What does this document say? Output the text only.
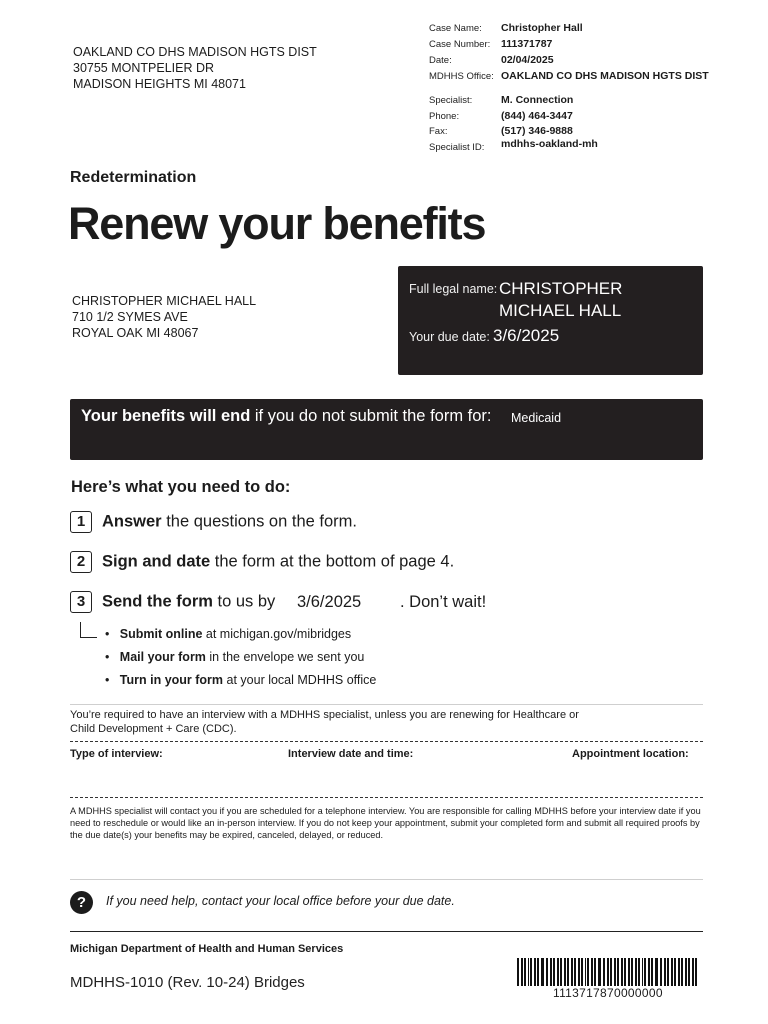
OAKLAND CO DHS MADISON HGTS DIST
30755 MONTPELIER DR
MADISON HEIGHTS MI 48071
Case Name: Christopher Hall
Case Number: 111371787
Date:	02/04/2025
MDHHS Office: OAKLAND CO DHS MADISON HGTS DIST
Specialist:	M. Connection
Phone:	(844) 464-3447
Fax:	(517) 346-9888
Specialist ID: mdhhs-oakland-mh
Redetermination
Renew your benefits
CHRISTOPHER MICHAEL HALL
710 1/2 SYMES AVE
ROYAL OAK MI 48067
Full legal name: CHRISTOPHER
MICHAEL HALL
Your due date: 3/6/2025
Your benefits will end if you do not submit the form for: Medicaid
Here’s what you need to do:
1 Answer the questions on the form.
2 Sign and date the form at the bottom of page 4.
3 Send the form to us by 3/6/2025 . Don’t wait!
•   Submit online at michigan.gov/mibridges
•   Mail your form in the envelope we sent you
•   Turn in your form at your local MDHHS office
You’re required to have an interview with a MDHHS specialist, unless you are renewing for Healthcare or
Child Development + Care (CDC).
Type of interview:	Interview date and time:	Appointment location:
A MDHHS specialist will contact you if you are scheduled for a telephone interview. You are responsible for calling MDHHS before your interview date if you need to reschedule or would like an in-person interview. If you do not keep your appointment, submit your completed form and submit all required proofs by the due date(s) your benefits may be expired, canceled, delayed, or reduced.
?	If you need help, contact your local office before your due date.
Michigan Department of Health and Human Services
MDHHS-1010 (Rev. 10-24) Bridges
1113717870000000
